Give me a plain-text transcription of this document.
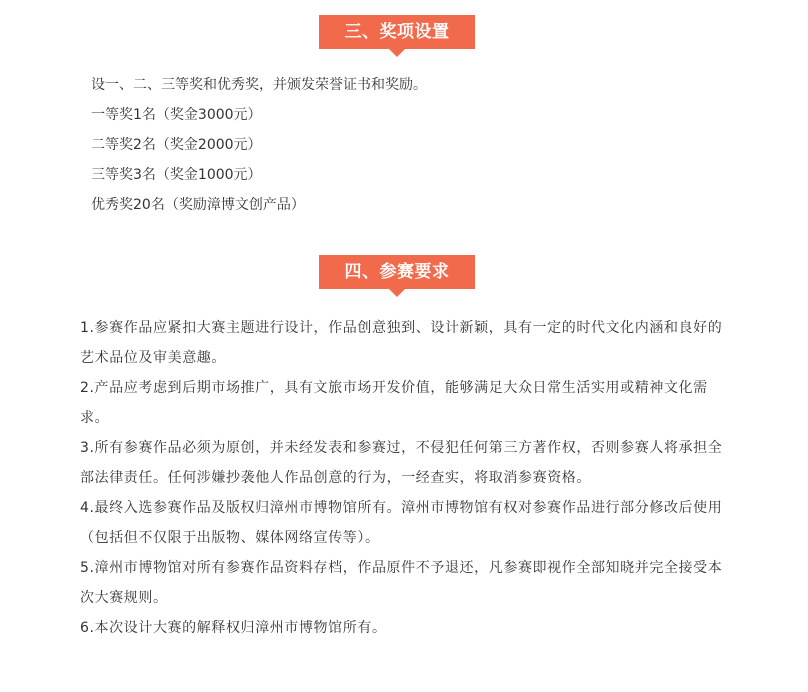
三、奖项设置
设一、二、三等奖和优秀奖，并颁发荣誉证书和奖励。
一等奖1名（奖金3000元）
二等奖2名（奖金2000元）
三等奖3名（奖金1000元）
优秀奖20名（奖励漳博文创产品）
四、参赛要求
1.参赛作品应紧扣大赛主题进行设计，作品创意独到、设计新颖，具有一定的时代文化内涵和良好的艺术品位及审美意趣。
2.产品应考虑到后期市场推广，具有文旅市场开发价值，能够满足大众日常生活实用或精神文化需求。
3.所有参赛作品必须为原创，并未经发表和参赛过，不侵犯任何第三方著作权，否则参赛人将承担全部法律责任。任何涉嫌抄袭他人作品创意的行为，一经查实，将取消参赛资格。
4.最终入选参赛作品及版权归漳州市博物馆所有。漳州市博物馆有权对参赛作品进行部分修改后使用（包括但不仅限于出版物、媒体网络宣传等）。
5.漳州市博物馆对所有参赛作品资料存档，作品原件不予退还，凡参赛即视作全部知晓并完全接受本次大赛规则。
6.本次设计大赛的解释权归漳州市博物馆所有。
